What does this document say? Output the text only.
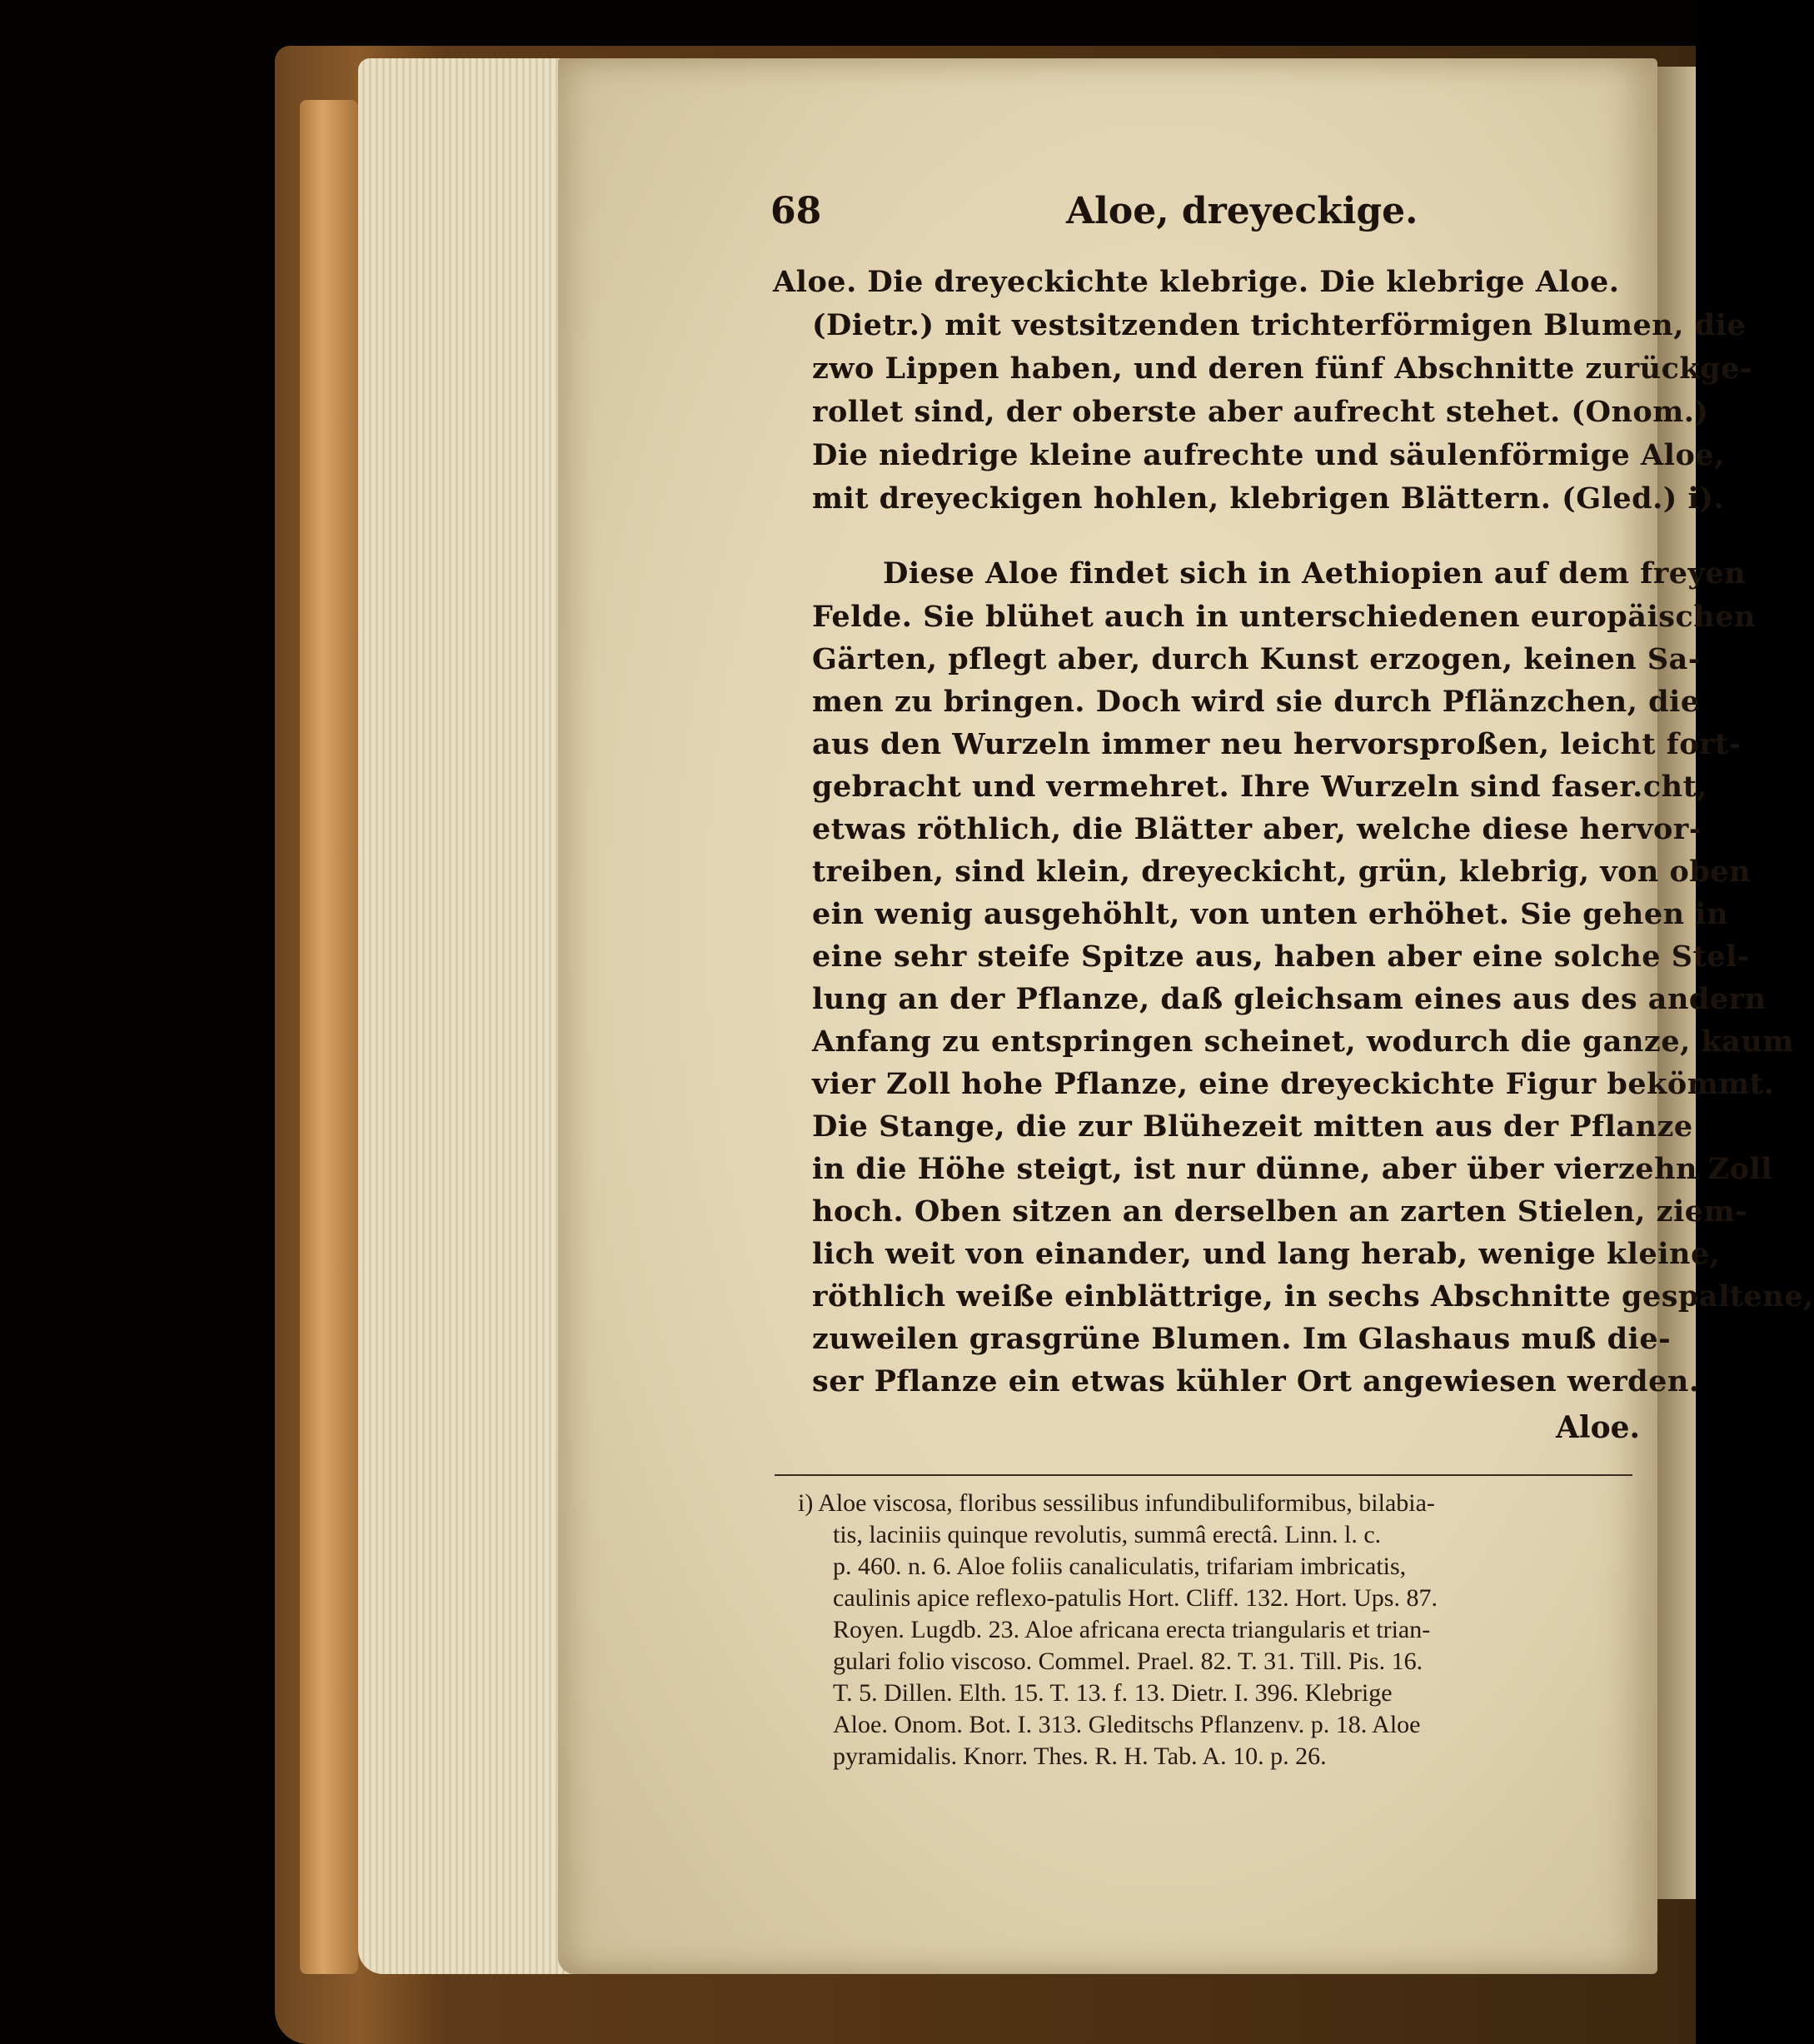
68	Aloe, dreyeckige.
Aloe. Die dreyeckichte klebrige. Die klebrige Aloe.
(Dietr.) mit vestsitzenden trichterförmigen Blumen, die
zwo Lippen haben, und deren fünf Abschnitte zurückge-
rollet sind, der oberste aber aufrecht stehet. (Onom.)
Die niedrige kleine aufrechte und säulenförmige Aloe,
mit dreyeckigen hohlen, klebrigen Blättern. (Gled.) i).
Diese Aloe findet sich in Aethiopien auf dem freyen
Felde. Sie blühet auch in unterschiedenen europäischen
Gärten, pflegt aber, durch Kunst erzogen, keinen Sa-
men zu bringen. Doch wird sie durch Pflänzchen, die
aus den Wurzeln immer neu hervorsproßen, leicht fort-
gebracht und vermehret. Ihre Wurzeln sind faser.cht,
etwas röthlich, die Blätter aber, welche diese hervor-
treiben, sind klein, dreyeckicht, grün, klebrig, von oben
ein wenig ausgehöhlt, von unten erhöhet. Sie gehen in
eine sehr steife Spitze aus, haben aber eine solche Stel-
lung an der Pflanze, daß gleichsam eines aus des andern
Anfang zu entspringen scheinet, wodurch die ganze, kaum
vier Zoll hohe Pflanze, eine dreyeckichte Figur bekömmt.
Die Stange, die zur Blühezeit mitten aus der Pflanze
in die Höhe steigt, ist nur dünne, aber über vierzehn Zoll
hoch. Oben sitzen an derselben an zarten Stielen, ziem-
lich weit von einander, und lang herab, wenige kleine,
röthlich weiße einblättrige, in sechs Abschnitte gespaltene,
zuweilen grasgrüne Blumen. Im Glashaus muß die-
ser Pflanze ein etwas kühler Ort angewiesen werden.
Aloe.
i) Aloe viscosa, floribus sessilibus infundibuliformibus, bilabia-
tis, laciniis quinque revolutis, summâ erectâ. Linn. l. c.
p. 460. n. 6. Aloe foliis canaliculatis, trifariam imbricatis,
caulinis apice reflexo-patulis Hort. Cliff. 132. Hort. Ups. 87.
Royen. Lugdb. 23. Aloe africana erecta triangularis et trian-
gulari folio viscoso. Commel. Prael. 82. T. 31. Till. Pis. 16.
T. 5. Dillen. Elth. 15. T. 13. f. 13. Dietr. I. 396. Klebrige
Aloe. Onom. Bot. I. 313. Gleditschs Pflanzenv. p. 18. Aloe
pyramidalis. Knorr. Thes. R. H. Tab. A. 10. p. 26.
